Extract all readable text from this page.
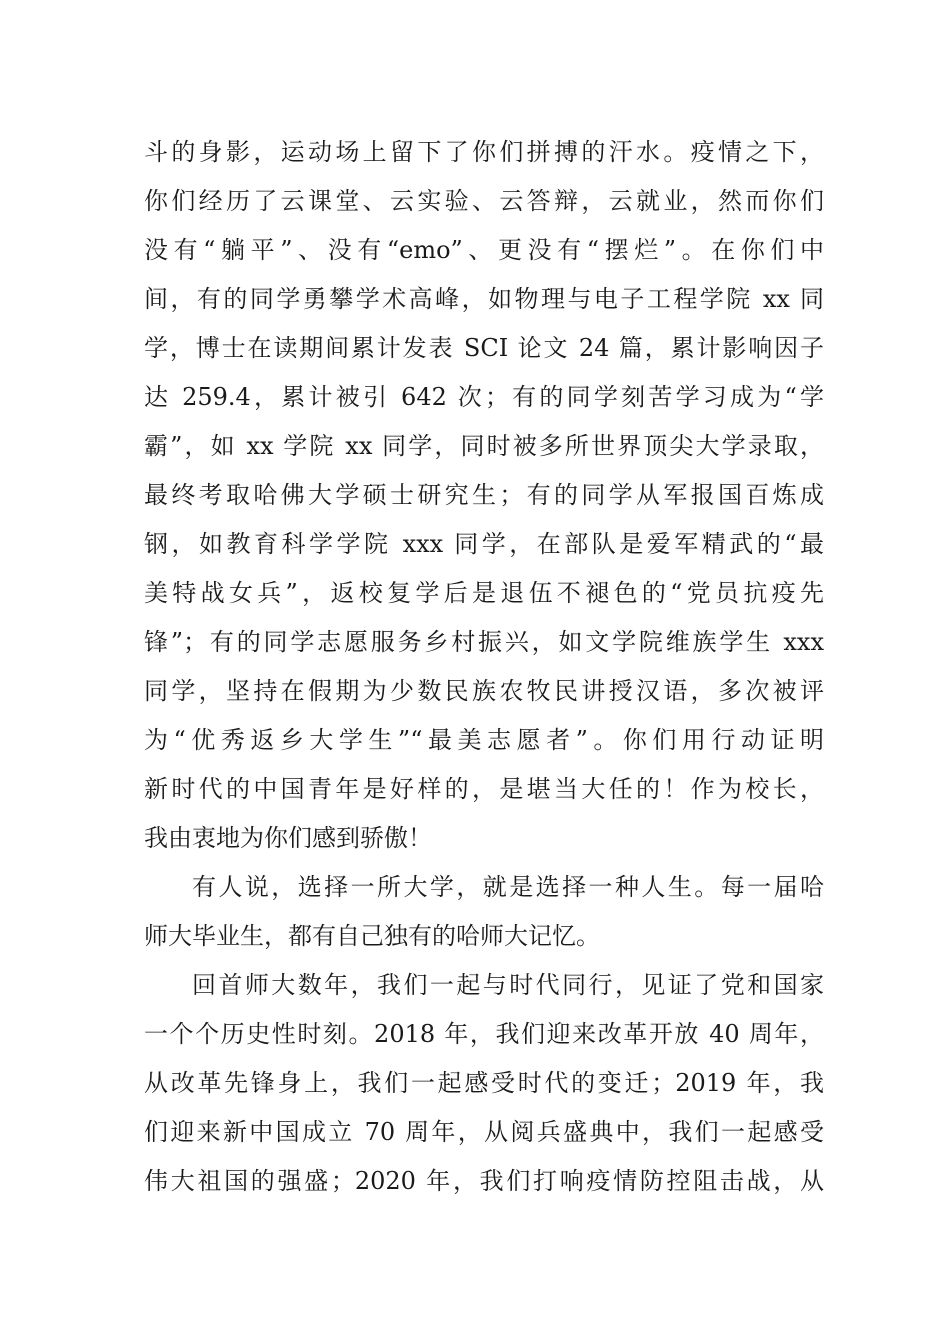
斗的身影，运动场上留下了你们拼搏的汗水。疫情之下，
你们经历了云课堂、云实验、云答辩，云就业，然而你们
没有“躺平”、没有“emo”、更没有“摆烂”。在你们中
间，有的同学勇攀学术高峰，如物理与电子工程学院 xx 同
学，博士在读期间累计发表 SCI 论文 24 篇，累计影响因子
达 259.4，累计被引 642 次；有的同学刻苦学习成为“学
霸”，如 xx 学院 xx 同学，同时被多所世界顶尖大学录取，
最终考取哈佛大学硕士研究生；有的同学从军报国百炼成
钢，如教育科学学院 xxx 同学，在部队是爱军精武的“最
美特战女兵”，返校复学后是退伍不褪色的“党员抗疫先
锋”；有的同学志愿服务乡村振兴，如文学院维族学生 xxx
同学，坚持在假期为少数民族农牧民讲授汉语，多次被评
为“优秀返乡大学生”“最美志愿者”。你们用行动证明
新时代的中国青年是好样的，是堪当大任的！作为校长，
我由衷地为你们感到骄傲！
有人说，选择一所大学，就是选择一种人生。每一届哈
师大毕业生，都有自己独有的哈师大记忆。
回首师大数年，我们一起与时代同行，见证了党和国家
一个个历史性时刻。2018 年，我们迎来改革开放 40 周年，
从改革先锋身上，我们一起感受时代的变迁；2019 年，我
们迎来新中国成立 70 周年，从阅兵盛典中，我们一起感受
伟大祖国的强盛；2020 年，我们打响疫情防控阻击战，从
